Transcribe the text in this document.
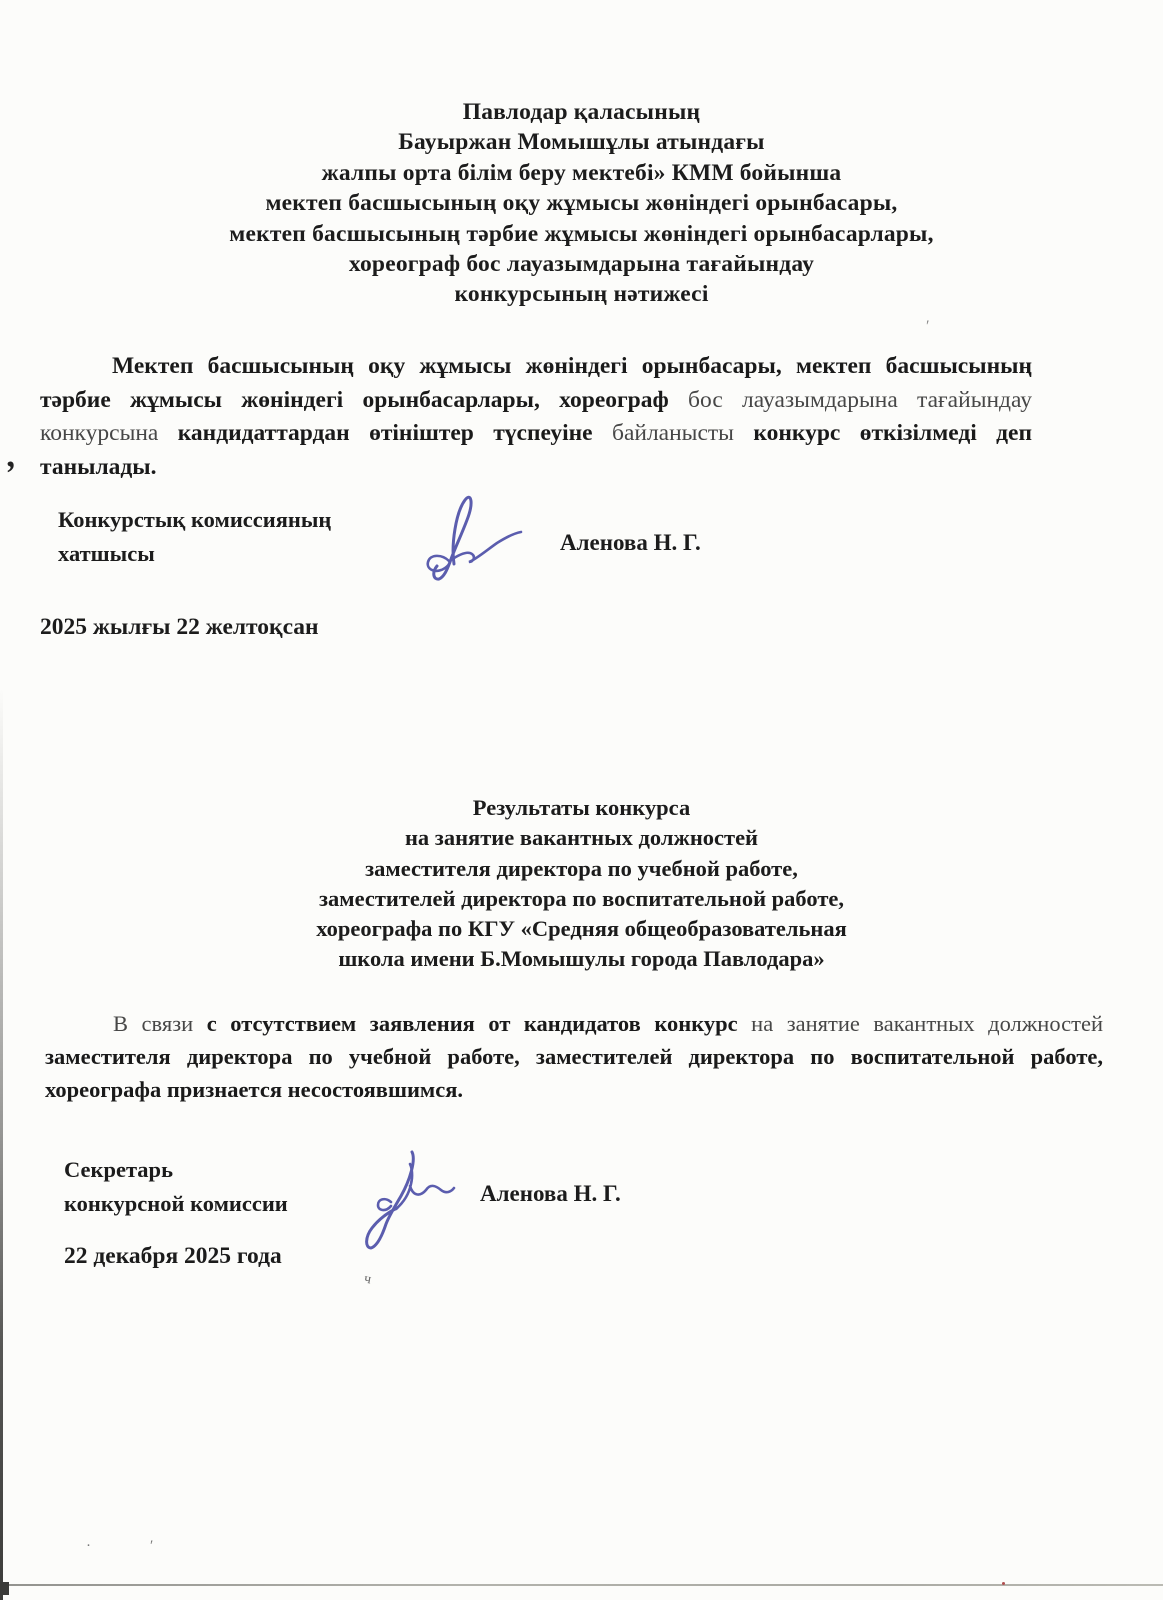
Павлодар қаласының
Бауыржан Момышұлы атындағы
жалпы орта білім беру мектебі» КММ бойынша
мектеп басшысының оқу жұмысы жөніндегі орынбасары,
мектеп басшысының тәрбие жұмысы жөніндегі орынбасарлары,
хореограф бос лауазымдарына тағайындау
конкурсының нәтижесі

Мектеп басшысының оқу жұмысы жөніндегі орынбасары, мектеп басшысының тәрбие жұмысы жөніндегі орынбасарлары, хореограф бос лауазымдарына тағайындау конкурсына кандидаттардан өтініштер түспеуіне байланысты конкурс өткізілмеді деп танылады.

Конкурстық комиссияның
хатшысы	Аленова Н. Г.
2025 жылғы 22 желтоқсан
Результаты конкурса
на занятие вакантных должностей
заместителя директора по учебной работе,
заместителей директора по воспитательной работе,
хореографа по КГУ «Средняя общеобразовательная
школа имени Б.Момышулы города Павлодара»

В связи с отсутствием заявления от кандидатов конкурс на занятие вакантных должностей заместителя директора по учебной работе, заместителей директора по воспитательной работе, хореографа признается несостоявшимся.

Секретарь
конкурсной комиссии	Аленова Н. Г.
22 декабря 2025 года
’
′
·	ʹ
ч
